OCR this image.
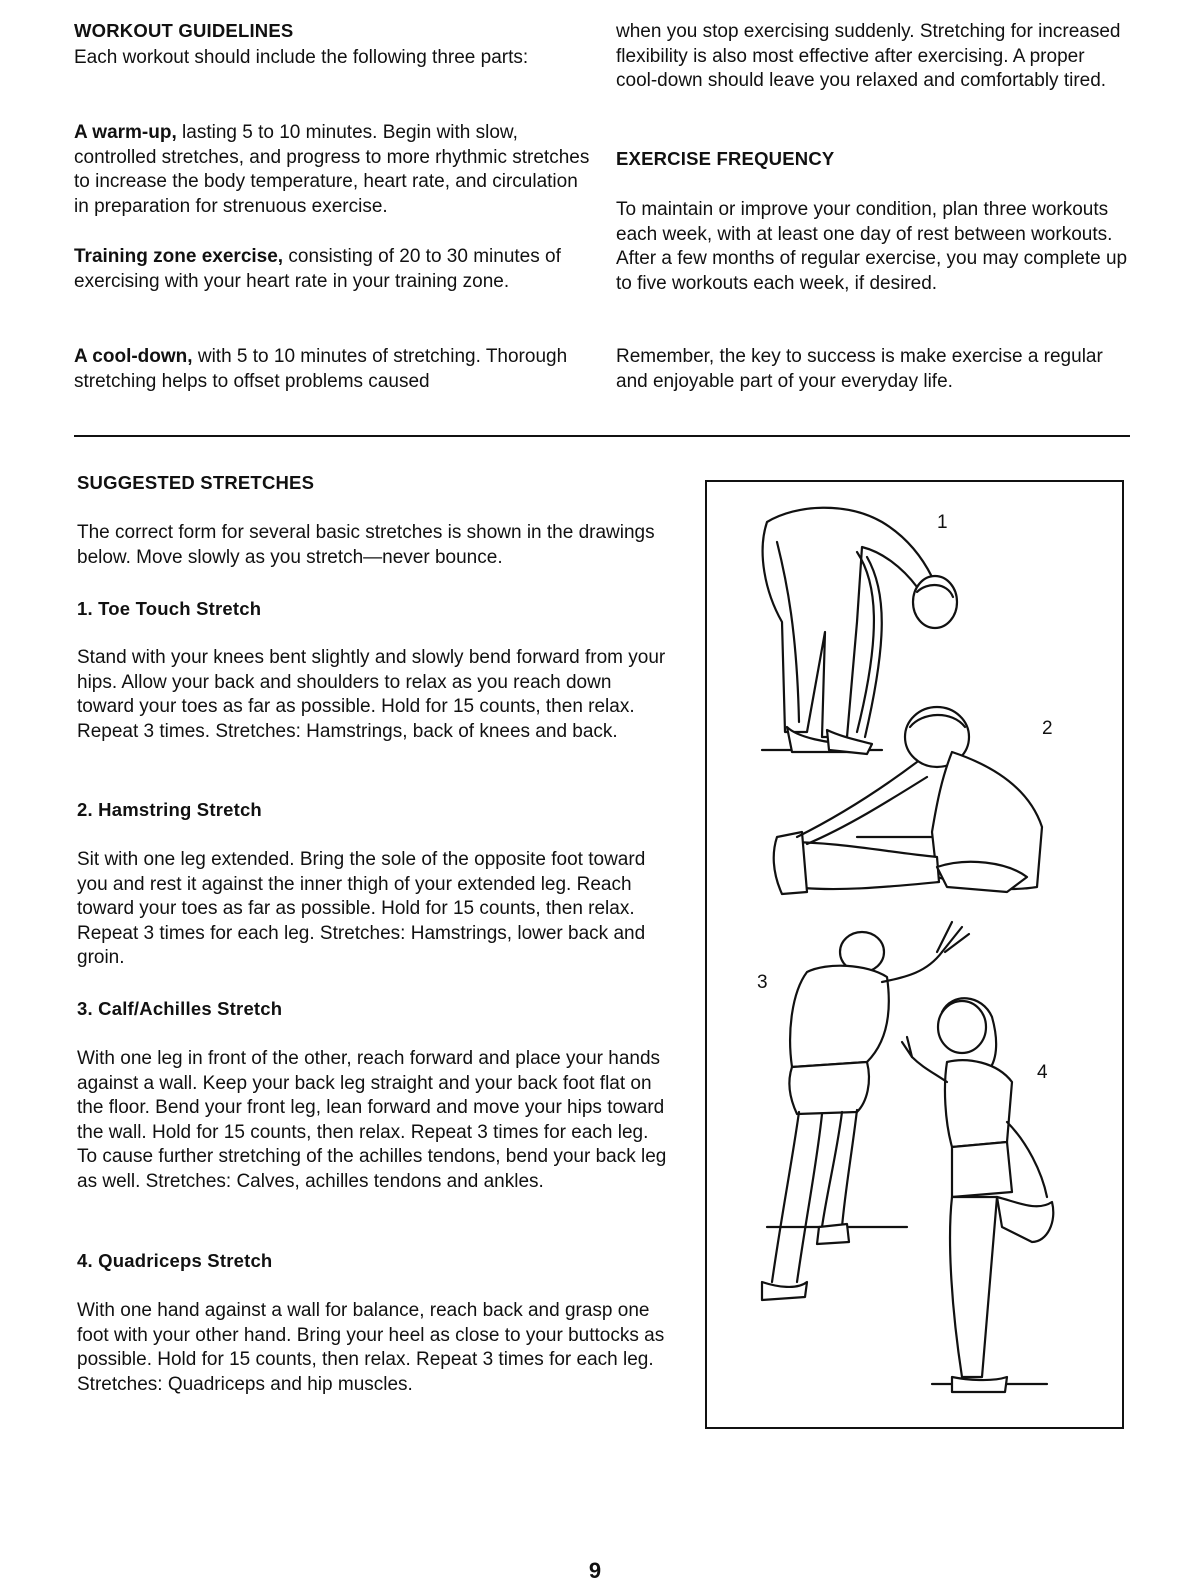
WORKOUT GUIDELINES

Each workout should include the following three parts:

A warm-up, lasting 5 to 10 minutes. Begin with slow, controlled stretches, and progress to more rhythmic stretches to increase the body temperature, heart rate, and circulation in preparation for strenuous exercise.

Training zone exercise, consisting of 20 to 30 minutes of exercising with your heart rate in your training zone.

A cool-down, with 5 to 10 minutes of stretching. Thorough stretching helps to offset problems caused

when you stop exercising suddenly. Stretching for increased flexibility is also most effective after exercising. A proper cool-down should leave you relaxed and comfortably tired.

EXERCISE FREQUENCY

To maintain or improve your condition, plan three workouts each week, with at least one day of rest between workouts. After a few months of regular exercise, you may complete up to five workouts each week, if desired.

Remember, the key to success is make exercise a regular and enjoyable part of your everyday life.

SUGGESTED STRETCHES

The correct form for several basic stretches is shown in the drawings below. Move slowly as you stretch—never bounce.

1. Toe Touch Stretch

Stand with your knees bent slightly and slowly bend forward from your hips. Allow your back and shoulders to relax as you reach down toward your toes as far as possible. Hold for 15 counts, then relax. Repeat 3 times. Stretches: Hamstrings, back of knees and back.

2. Hamstring Stretch

Sit with one leg extended. Bring the sole of the opposite foot toward you and rest it against the inner thigh of your extended leg. Reach toward your toes as far as possible. Hold for 15 counts, then relax. Repeat 3 times for each leg. Stretches: Hamstrings, lower back and groin.

3. Calf/Achilles Stretch

With one leg in front of the other, reach forward and place your hands against a wall. Keep your back leg straight and your back foot flat on the floor. Bend your front leg, lean forward and move your hips toward the wall. Hold for 15 counts, then relax. Repeat 3 times for each leg. To cause further stretching of the achilles tendons, bend your back leg as well. Stretches: Calves, achilles tendons and ankles.

4. Quadriceps Stretch

With one hand against a wall for balance, reach back and grasp one foot with your other hand. Bring your heel as close to your buttocks as possible. Hold for 15 counts, then relax. Repeat 3 times for each leg. Stretches: Quadriceps and hip muscles.

1
2
3
4
9
